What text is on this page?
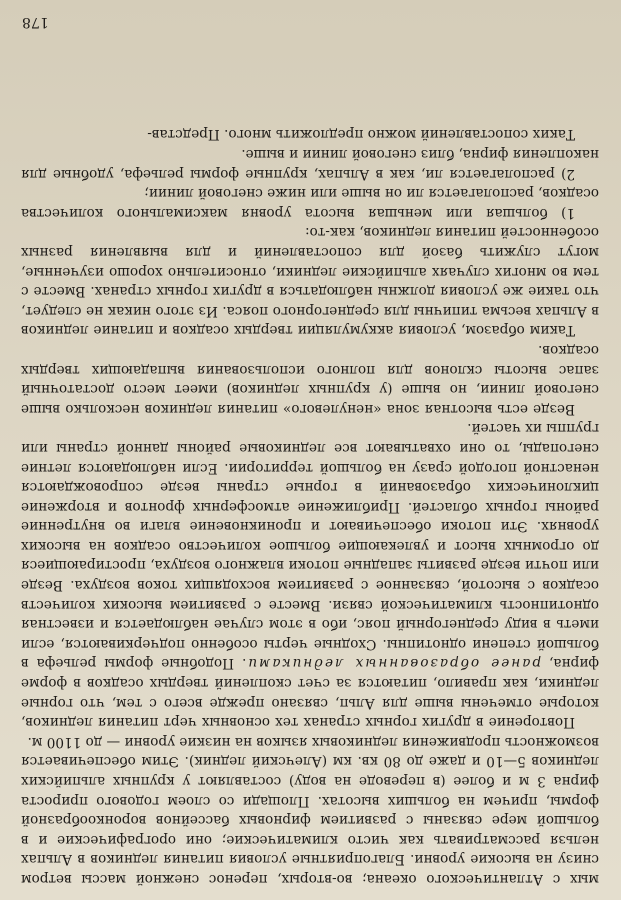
мых с Атлантического океана; во-вторых, перенос снежной массы ветром снизу на высокие уровни. Благоприятные условия питания ледников в Альпах нельзя рассматривать как чисто климатические; они орографические и в большой мере связаны с развитием фирновых бассейнов воронкообразной формы, причем на больших высотах. Площади со слоем годового прироста фирна 3 м и более (в переводе на воду) составляют у крупных альпийских ледников 5—10 и даже до 80 кв. км (Алечский ледник). Этим обеспечивается возможность продвижения ледниковых языков на низкие уровни — до 1100 м.

Повторение в других горных странах тех основных черт питания ледников, которые отмечены выше для Альп, связано прежде всего с тем, что горные ледники, как правило, питаются за счет скоплений твердых осадков в форме фирна, ранее образованных ледниками. Подобные формы рельефа в большой степени однотипны. Сходные черты особенно подчеркиваются, если иметь в виду среднегорный пояс, ибо в этом случае наблюдается и известная однотипность климатической связи. Вместе с развитием высоких количеств осадков с высотой, связанное с развитием восходящих токов воздуха. Везде или почти везде развиты западные потоки влажного воздуха, простирающиеся до огромных высот и увлекающие большое количество осадков на высоких уровнях. Эти потоки обеспечивают и проникновение влаги во внутренние районы горных областей. Приближение атмосферных фронтов и вторжение циклонических образований в горные страны везде сопровождаются ненастной погодой сразу на большой территории. Если наблюдаются летние снегопады, то они охватывают все ледниковые районы данной страны или группы их частей.

Везде есть высотная зона «ненулевого» питания ледников несколько выше снеговой линии, но выше (у крупных ледников) имеет место достаточный запас высоты склонов для полного использования выпадающих твердых осадков.

Таким образом, условия аккумуляции твердых осадков и питание ледников в Альпах весьма типичны для среднегорного пояса. Из этого никак не следует, что такие же условия должны наблюдаться в других горных странах. Вместе с тем во многих случаях альпийские ледники, относительно хорошо изученные, могут служить базой для сопоставлений и для выявления разных особенностей питания ледников, как-то:

1) большая или меньшая высота уровня максимального количества осадков, располагается ли он выше или ниже снеговой линии;

2) располагается ли, как в Альпах, крупные формы рельефа, удобные для накопления фирна, близ снеговой линии и выше.

Таких сопоставлений можно предложить много. Представ-

178
